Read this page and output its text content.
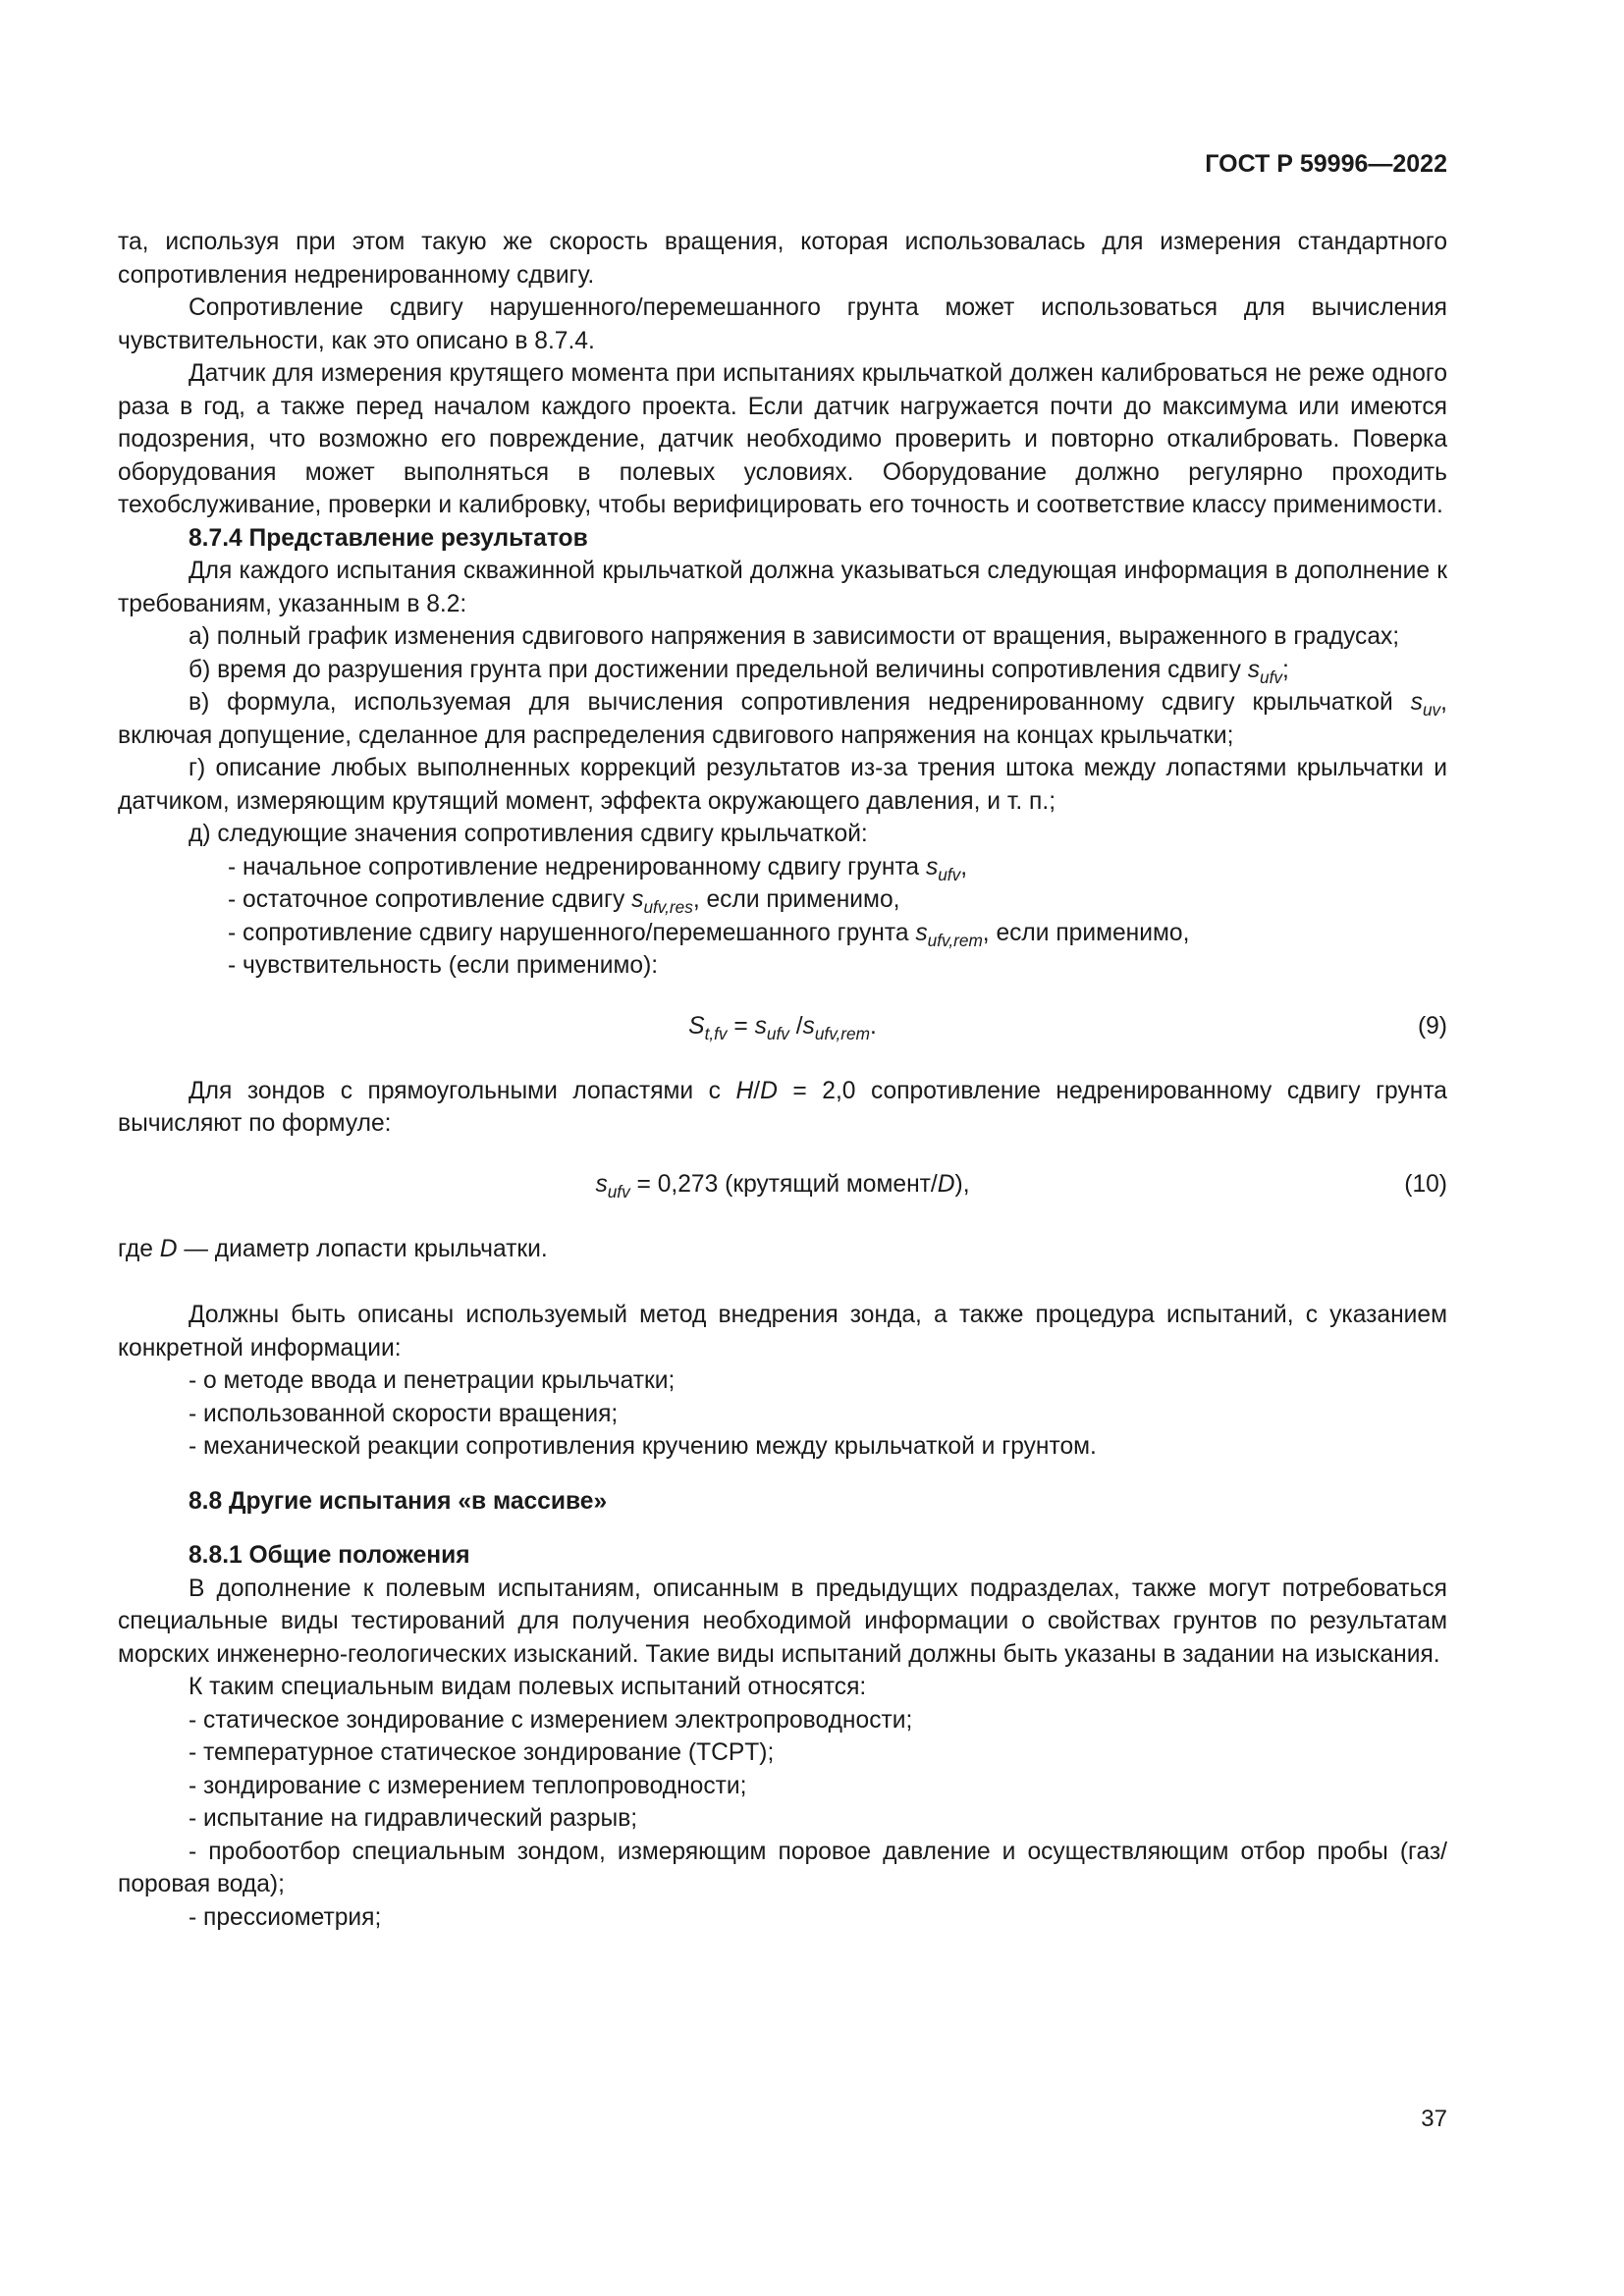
ГОСТ Р 59996—2022

та, используя при этом такую же скорость вращения, которая использовалась для измерения стандартного сопротивления недренированному сдвигу.

Сопротивление сдвигу нарушенного/перемешанного грунта может использоваться для вычисления чувствительности, как это описано в 8.7.4.

Датчик для измерения крутящего момента при испытаниях крыльчаткой должен калиброваться не реже одного раза в год, а также перед началом каждого проекта. Если датчик нагружается почти до максимума или имеются подозрения, что возможно его повреждение, датчик необходимо проверить и повторно откалибровать. Поверка оборудования может выполняться в полевых условиях. Оборудование должно регулярно проходить техобслуживание, проверки и калибровку, чтобы верифицировать его точность и соответствие классу применимости.

8.7.4 Представление результатов

Для каждого испытания скважинной крыльчаткой должна указываться следующая информация в дополнение к требованиям, указанным в 8.2:

а) полный график изменения сдвигового напряжения в зависимости от вращения, выраженного в градусах;

б) время до разрушения грунта при достижении предельной величины сопротивления сдвигу $s_{ufv}$;

в) формула, используемая для вычисления сопротивления недренированному сдвигу крыльчаткой $s_{uv}$, включая допущение, сделанное для распределения сдвигового напряжения на концах крыльчатки;

г) описание любых выполненных коррекций результатов из-за трения штока между лопастями крыльчатки и датчиком, измеряющим крутящий момент, эффекта окружающего давления, и т. п.;

д) следующие значения сопротивления сдвигу крыльчаткой:

- начальное сопротивление недренированному сдвигу грунта $s_{ufv}$,

- остаточное сопротивление сдвигу $s_{ufv,res}$, если применимо,

- сопротивление сдвигу нарушенного/перемешанного грунта $s_{ufv,rem}$, если применимо,

- чувствительность (если применимо):

$S_{t,fv} = s_{ufv}$ $/s_{ufv,rem}$.	(9)

Для зондов с прямоугольными лопастями с H/D = 2,0 сопротивление недренированному сдвигу грунта вычисляют по формуле:

$s_{ufv} = 0,273$ (крутящий момент/D),	(10)

где D — диаметр лопасти крыльчатки.

Должны быть описаны используемый метод внедрения зонда, а также процедура испытаний, с указанием конкретной информации:

- о методе ввода и пенетрации крыльчатки;

- использованной скорости вращения;

- механической реакции сопротивления кручению между крыльчаткой и грунтом.

8.8 Другие испытания «в массиве»

8.8.1 Общие положения

В дополнение к полевым испытаниям, описанным в предыдущих подразделах, также могут потребоваться специальные виды тестирований для получения необходимой информации о свойствах грунтов по результатам морских инженерно-геологических изысканий. Такие виды испытаний должны быть указаны в задании на изыскания.

К таким специальным видам полевых испытаний относятся:

- статическое зондирование с измерением электропроводности;

- температурное статическое зондирование (TCPT);

- зондирование с измерением теплопроводности;

- испытание на гидравлический разрыв;

- пробоотбор специальным зондом, измеряющим поровое давление и осуществляющим отбор пробы (газ/поровая вода);

- прессиометрия;

37
